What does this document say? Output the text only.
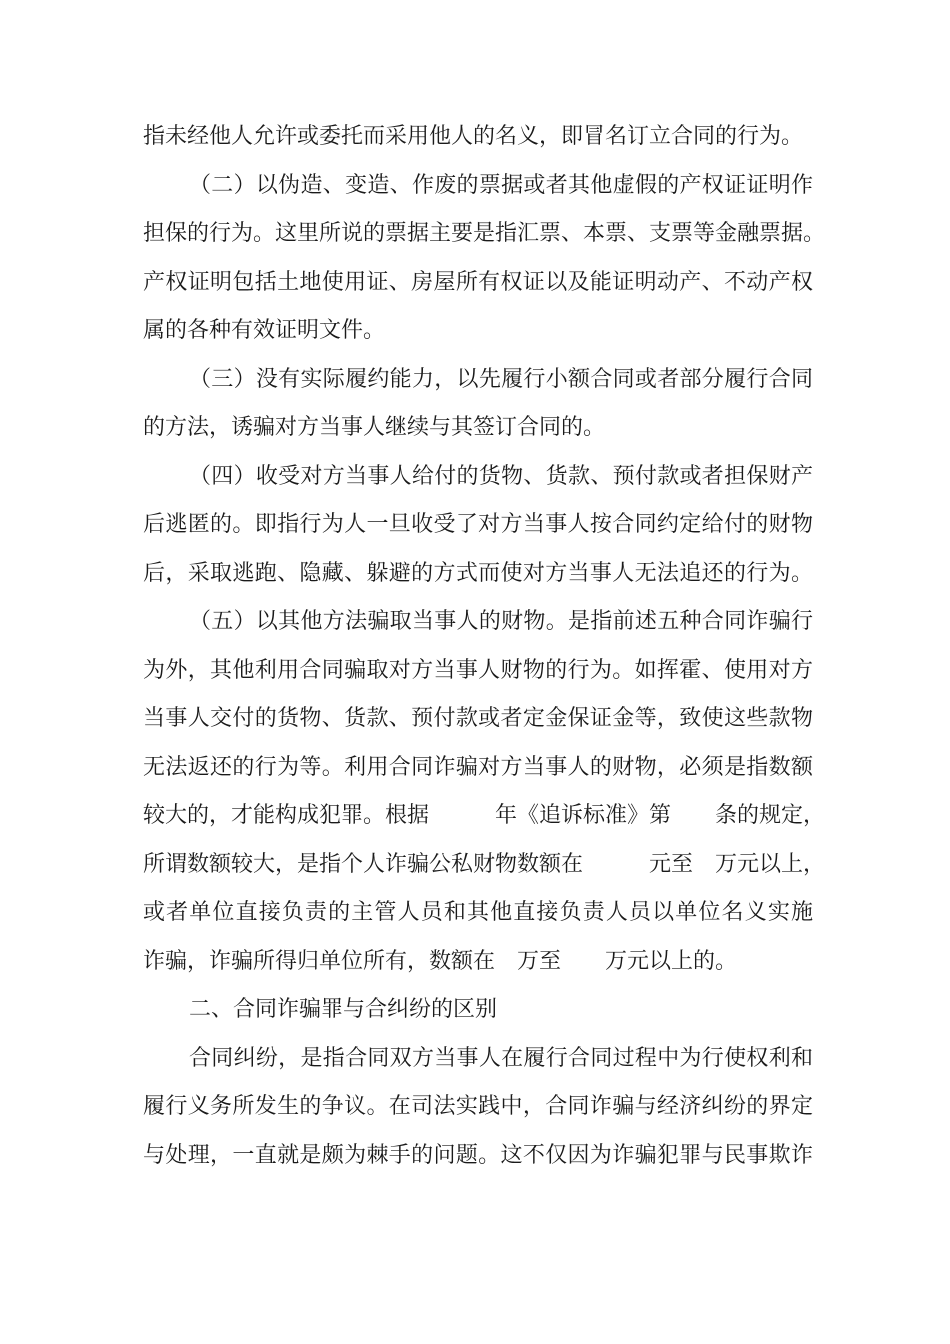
指未经他人允许或委托而采用他人的名义，即冒名订立合同的行为。
（二）以伪造、变造、作废的票据或者其他虚假的产权证证明作
担保的行为。这里所说的票据主要是指汇票、本票、支票等金融票据。
产权证明包括土地使用证、房屋所有权证以及能证明动产、不动产权
属的各种有效证明文件。
（三）没有实际履约能力，以先履行小额合同或者部分履行合同
的方法，诱骗对方当事人继续与其签订合同的。
（四）收受对方当事人给付的货物、货款、预付款或者担保财产
后逃匿的。即指行为人一旦收受了对方当事人按合同约定给付的财物
后，采取逃跑、隐藏、躲避的方式而使对方当事人无法追还的行为。
（五）以其他方法骗取当事人的财物。是指前述五种合同诈骗行
为外，其他利用合同骗取对方当事人财物的行为。如挥霍、使用对方
当事人交付的货物、货款、预付款或者定金保证金等，致使这些款物
无法返还的行为等。利用合同诈骗对方当事人的财物，必须是指数额
较大的，才能构成犯罪。根据　　　年《追诉标准》第　　条的规定，
所谓数额较大，是指个人诈骗公私财物数额在　　　元至　万元以上，
或者单位直接负责的主管人员和其他直接负责人员以单位名义实施
诈骗，诈骗所得归单位所有，数额在　万至　　万元以上的。
二、合同诈骗罪与合纠纷的区别
合同纠纷，是指合同双方当事人在履行合同过程中为行使权利和
履行义务所发生的争议。在司法实践中，合同诈骗与经济纠纷的界定
与处理，一直就是颇为棘手的问题。这不仅因为诈骗犯罪与民事欺诈
